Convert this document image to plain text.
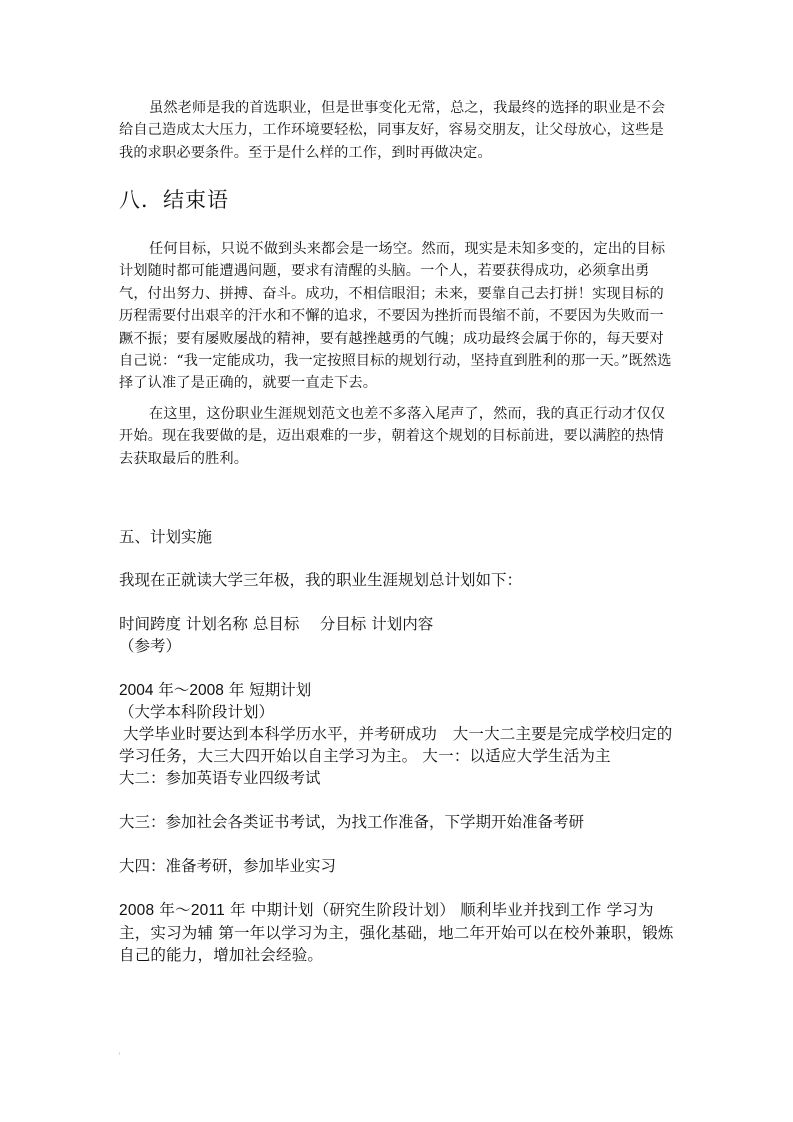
虽然老师是我的首选职业，但是世事变化无常，总之，我最终的选择的职业是不会给自己造成太大压力，工作环境要轻松，同事友好，容易交朋友，让父母放心，这些是我的求职必要条件。至于是什么样的工作，到时再做决定。

八．结束语

任何目标，只说不做到头来都会是一场空。然而，现实是未知多变的，定出的目标计划随时都可能遭遇问题，要求有清醒的头脑。一个人，若要获得成功，必须拿出勇气，付出努力、拼搏、奋斗。成功，不相信眼泪；未来，要靠自己去打拼！实现目标的历程需要付出艰辛的汗水和不懈的追求，不要因为挫折而畏缩不前，不要因为失败而一蹶不振；要有屡败屡战的精神，要有越挫越勇的气魄；成功最终会属于你的，每天要对自己说：“我一定能成功，我一定按照目标的规划行动，坚持直到胜利的那一天。”既然选择了认准了是正确的，就要一直走下去。

在这里，这份职业生涯规划范文也差不多落入尾声了，然而，我的真正行动才仅仅开始。现在我要做的是，迈出艰难的一步，朝着这个规划的目标前进，要以满腔的热情去获取最后的胜利。

五、计划实施

我现在正就读大学三年极，我的职业生涯规划总计划如下：

时间跨度 计划名称 总目标　 分目标 计划内容

（参考）

2004 年～2008 年 短期计划

（大学本科阶段计划）

大学毕业时要达到本科学历水平，并考研成功　大一大二主要是完成学校归定的学习任务，大三大四开始以自主学习为主。 大一：以适应大学生活为主

大二：参加英语专业四级考试

大三：参加社会各类证书考试，为找工作准备，下学期开始准备考研

大四：准备考研，参加毕业实习

2008 年～2011 年 中期计划（研究生阶段计划） 顺利毕业并找到工作 学习为主，实习为辅 第一年以学习为主，强化基础，地二年开始可以在校外兼职，锻炼自己的能力，增加社会经验。
